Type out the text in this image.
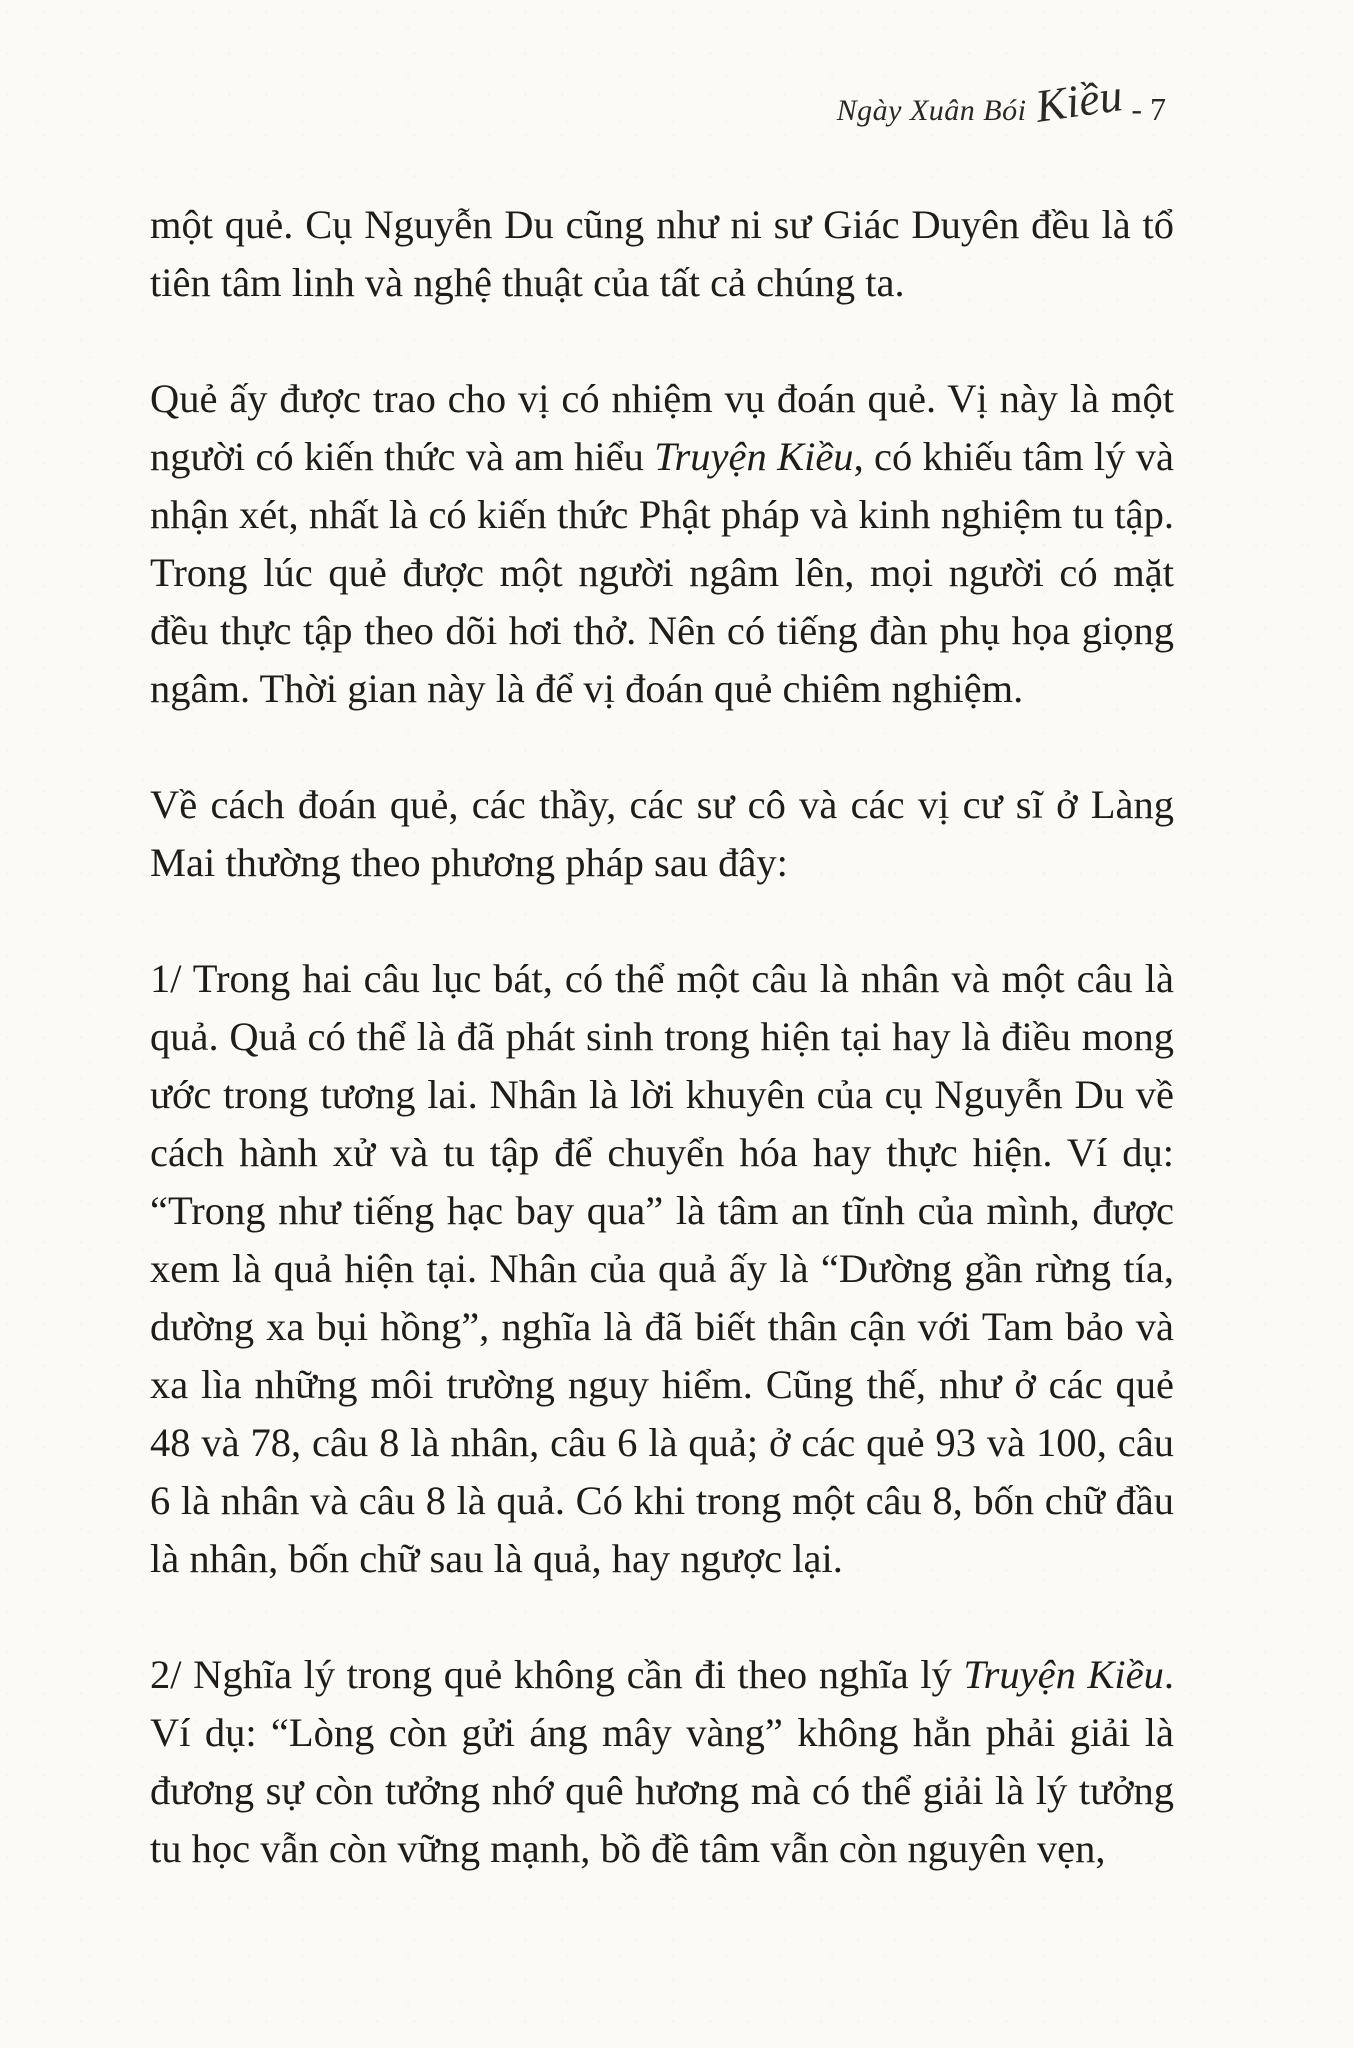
Ngày Xuân Bói Kiều - 7

một quẻ. Cụ Nguyễn Du cũng như ni sư Giác Duyên đều là tổ tiên tâm linh và nghệ thuật của tất cả chúng ta.

Quẻ ấy được trao cho vị có nhiệm vụ đoán quẻ. Vị này là một người có kiến thức và am hiểu Truyện Kiều, có khiếu tâm lý và nhận xét, nhất là có kiến thức Phật pháp và kinh nghiệm tu tập. Trong lúc quẻ được một người ngâm lên, mọi người có mặt đều thực tập theo dõi hơi thở. Nên có tiếng đàn phụ họa giọng ngâm. Thời gian này là để vị đoán quẻ chiêm nghiệm.

Về cách đoán quẻ, các thầy, các sư cô và các vị cư sĩ ở Làng Mai thường theo phương pháp sau đây:

1/ Trong hai câu lục bát, có thể một câu là nhân và một câu là quả. Quả có thể là đã phát sinh trong hiện tại hay là điều mong ước trong tương lai. Nhân là lời khuyên của cụ Nguyễn Du về cách hành xử và tu tập để chuyển hóa hay thực hiện. Ví dụ: “Trong như tiếng hạc bay qua” là tâm an tĩnh của mình, được xem là quả hiện tại. Nhân của quả ấy là “Dường gần rừng tía, dường xa bụi hồng”, nghĩa là đã biết thân cận với Tam bảo và xa lìa những môi trường nguy hiểm. Cũng thế, như ở các quẻ 48 và 78, câu 8 là nhân, câu 6 là quả; ở các quẻ 93 và 100, câu 6 là nhân và câu 8 là quả. Có khi trong một câu 8, bốn chữ đầu là nhân, bốn chữ sau là quả, hay ngược lại.

2/ Nghĩa lý trong quẻ không cần đi theo nghĩa lý Truyện Kiều. Ví dụ: “Lòng còn gửi áng mây vàng” không hẳn phải giải là đương sự còn tưởng nhớ quê hương mà có thể giải là lý tưởng tu học vẫn còn vững mạnh, bồ đề tâm vẫn còn nguyên vẹn,
